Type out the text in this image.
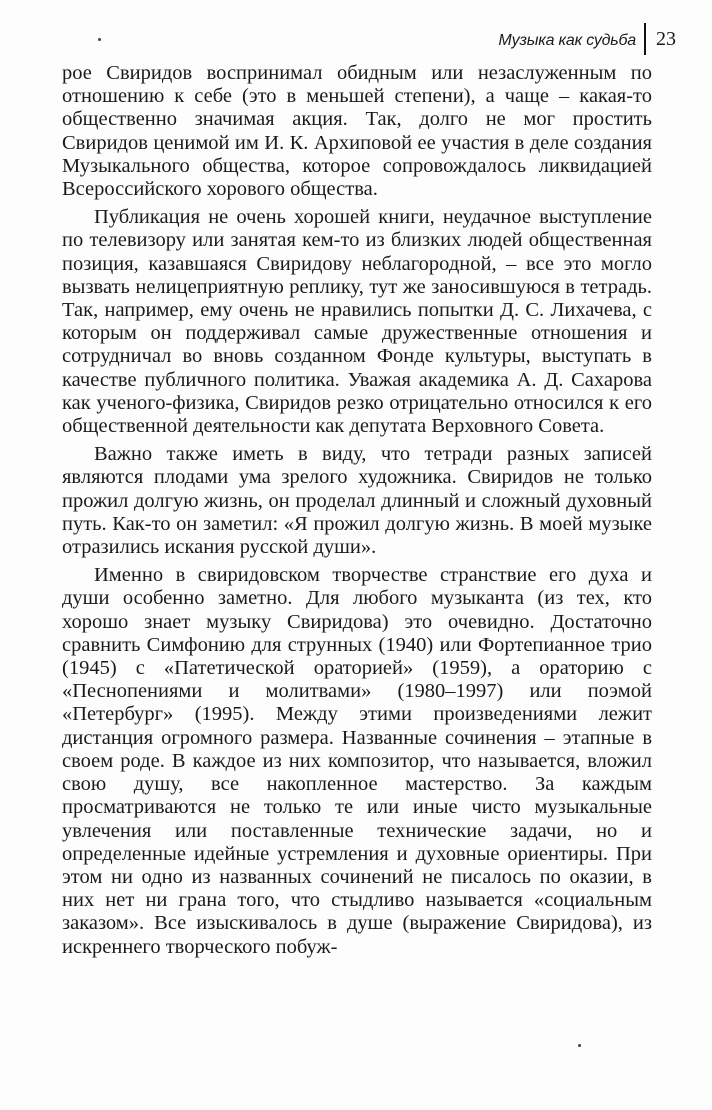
Музыка как судьба	23

рое Свиридов воспринимал обидным или незаслуженным по отношению к себе (это в меньшей степени), а чаще – какая-то общественно значимая акция. Так, долго не мог простить Свиридов ценимой им И. К. Архиповой ее участия в деле создания Музыкального общества, которое сопровождалось ликвидацией Всероссийского хорового общества.

Публикация не очень хорошей книги, неудачное выступление по телевизору или занятая кем-то из близких людей общественная позиция, казавшаяся Свиридову неблагородной, – все это могло вызвать нелицеприятную реплику, тут же заносившуюся в тетрадь. Так, например, ему очень не нравились попытки Д. С. Лихачева, с которым он поддерживал самые дружественные отношения и сотрудничал во вновь созданном Фонде культуры, выступать в качестве публичного политика. Уважая академика А. Д. Сахарова как ученого-физика, Свиридов резко отрицательно относился к его общественной деятельности как депутата Верховного Совета.

Важно также иметь в виду, что тетради разных записей являются плодами ума зрелого художника. Свиридов не только прожил долгую жизнь, он проделал длинный и сложный духовный путь. Как-то он заметил: «Я прожил долгую жизнь. В моей музыке отразились искания русской души».

Именно в свиридовском творчестве странствие его духа и души особенно заметно. Для любого музыканта (из тех, кто хорошо знает музыку Свиридова) это очевидно. Достаточно сравнить Симфонию для струнных (1940) или Фортепианное трио (1945) с «Патетической ораторией» (1959), а ораторию с «Песнопениями и молитвами» (1980–1997) или поэмой «Петербург» (1995). Между этими произведениями лежит дистанция огромного размера. Названные сочинения – этапные в своем роде. В каждое из них композитор, что называется, вложил свою душу, все накопленное мастерство. За каждым просматриваются не только те или иные чисто музыкальные увлечения или поставленные технические задачи, но и определенные идейные устремления и духовные ориентиры. При этом ни одно из названных сочинений не писалось по оказии, в них нет ни грана того, что стыдливо называется «социальным заказом». Все изыскивалось в душе (выражение Свиридова), из искреннего творческого побуж-
